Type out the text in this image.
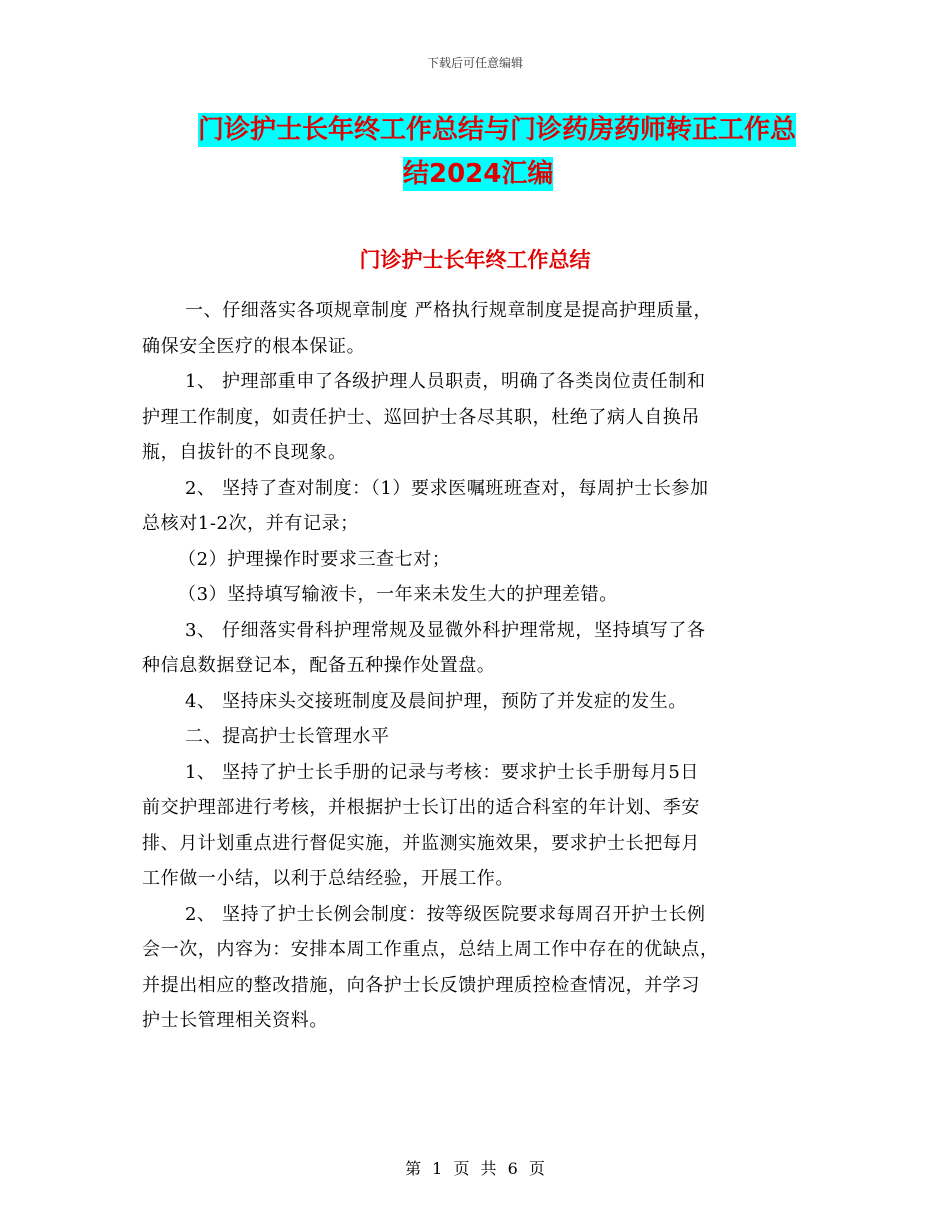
下载后可任意编辑
门诊护士长年终工作总结与门诊药房药师转正工作总
结2024汇编
门诊护士长年终工作总结

一、仔细落实各项规章制度 严格执行规章制度是提高护理质量，

确保安全医疗的根本保证。

1、 护理部重申了各级护理人员职责，明确了各类岗位责任制和

护理工作制度，如责任护士、巡回护士各尽其职，杜绝了病人自换吊

瓶，自拔针的不良现象。

2、 坚持了查对制度：（1）要求医嘱班班查对，每周护士长参加

总核对1-2次，并有记录；

（2）护理操作时要求三查七对；

（3）坚持填写输液卡，一年来未发生大的护理差错。

3、 仔细落实骨科护理常规及显微外科护理常规，坚持填写了各

种信息数据登记本，配备五种操作处置盘。

4、 坚持床头交接班制度及晨间护理，预防了并发症的发生。

二、提高护士长管理水平

1、 坚持了护士长手册的记录与考核：要求护士长手册每月5日

前交护理部进行考核，并根据护士长订出的适合科室的年计划、季安

排、月计划重点进行督促实施，并监测实施效果，要求护士长把每月

工作做一小结，以利于总结经验，开展工作。

2、 坚持了护士长例会制度：按等级医院要求每周召开护士长例

会一次，内容为：安排本周工作重点，总结上周工作中存在的优缺点，

并提出相应的整改措施，向各护士长反馈护理质控检查情况，并学习

护士长管理相关资料。

第 1 页 共 6 页
